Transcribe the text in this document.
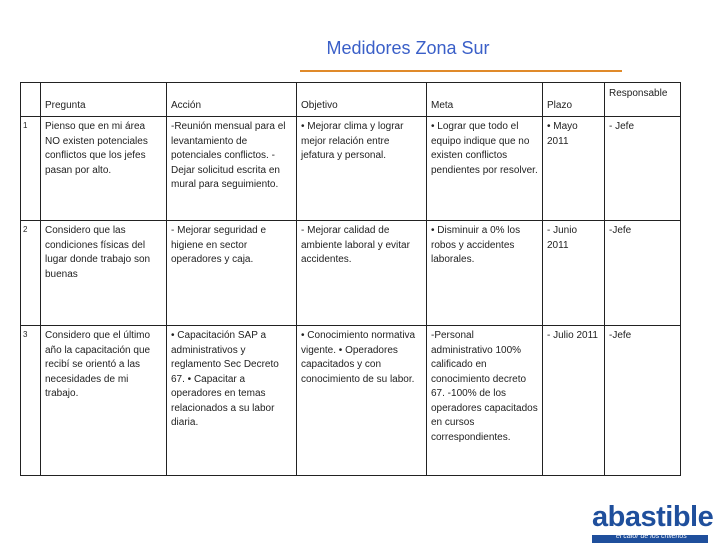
Medidores Zona Sur
	Pregunta	Acción	Objetivo	Meta	Plazo	Responsable
1	Pienso que en mi área NO existen potenciales conflictos que los jefes pasan por alto.	-Reunión mensual para el levantamiento de potenciales conflictos. -Dejar solicitud escrita en mural para seguimiento.	• Mejorar clima y lograr mejor relación entre jefatura y personal.	• Lograr que todo el equipo indique que no existen conflictos pendientes por resolver.	• Mayo 2011	- Jefe
2	Considero que las condiciones físicas del lugar donde trabajo son buenas	- Mejorar seguridad e higiene en sector operadores y caja.	- Mejorar calidad de ambiente laboral y evitar accidentes.	• Disminuir a 0% los robos y accidentes laborales.	- Junio 2011	-Jefe
3	Considero que el último año la capacitación que recibí se orientó a las necesidades de mi trabajo.	• Capacitación SAP a administrativos y reglamento Sec Decreto 67. • Capacitar a operadores en temas relacionados a su labor diaria.	• Conocimiento normativa vigente. • Operadores capacitados y con conocimiento de su labor.	-Personal administrativo 100% calificado en conocimiento decreto 67. -100% de los operadores capacitados en cursos correspondientes.	- Julio 2011	-Jefe
abastible
el calor de los chilenos
